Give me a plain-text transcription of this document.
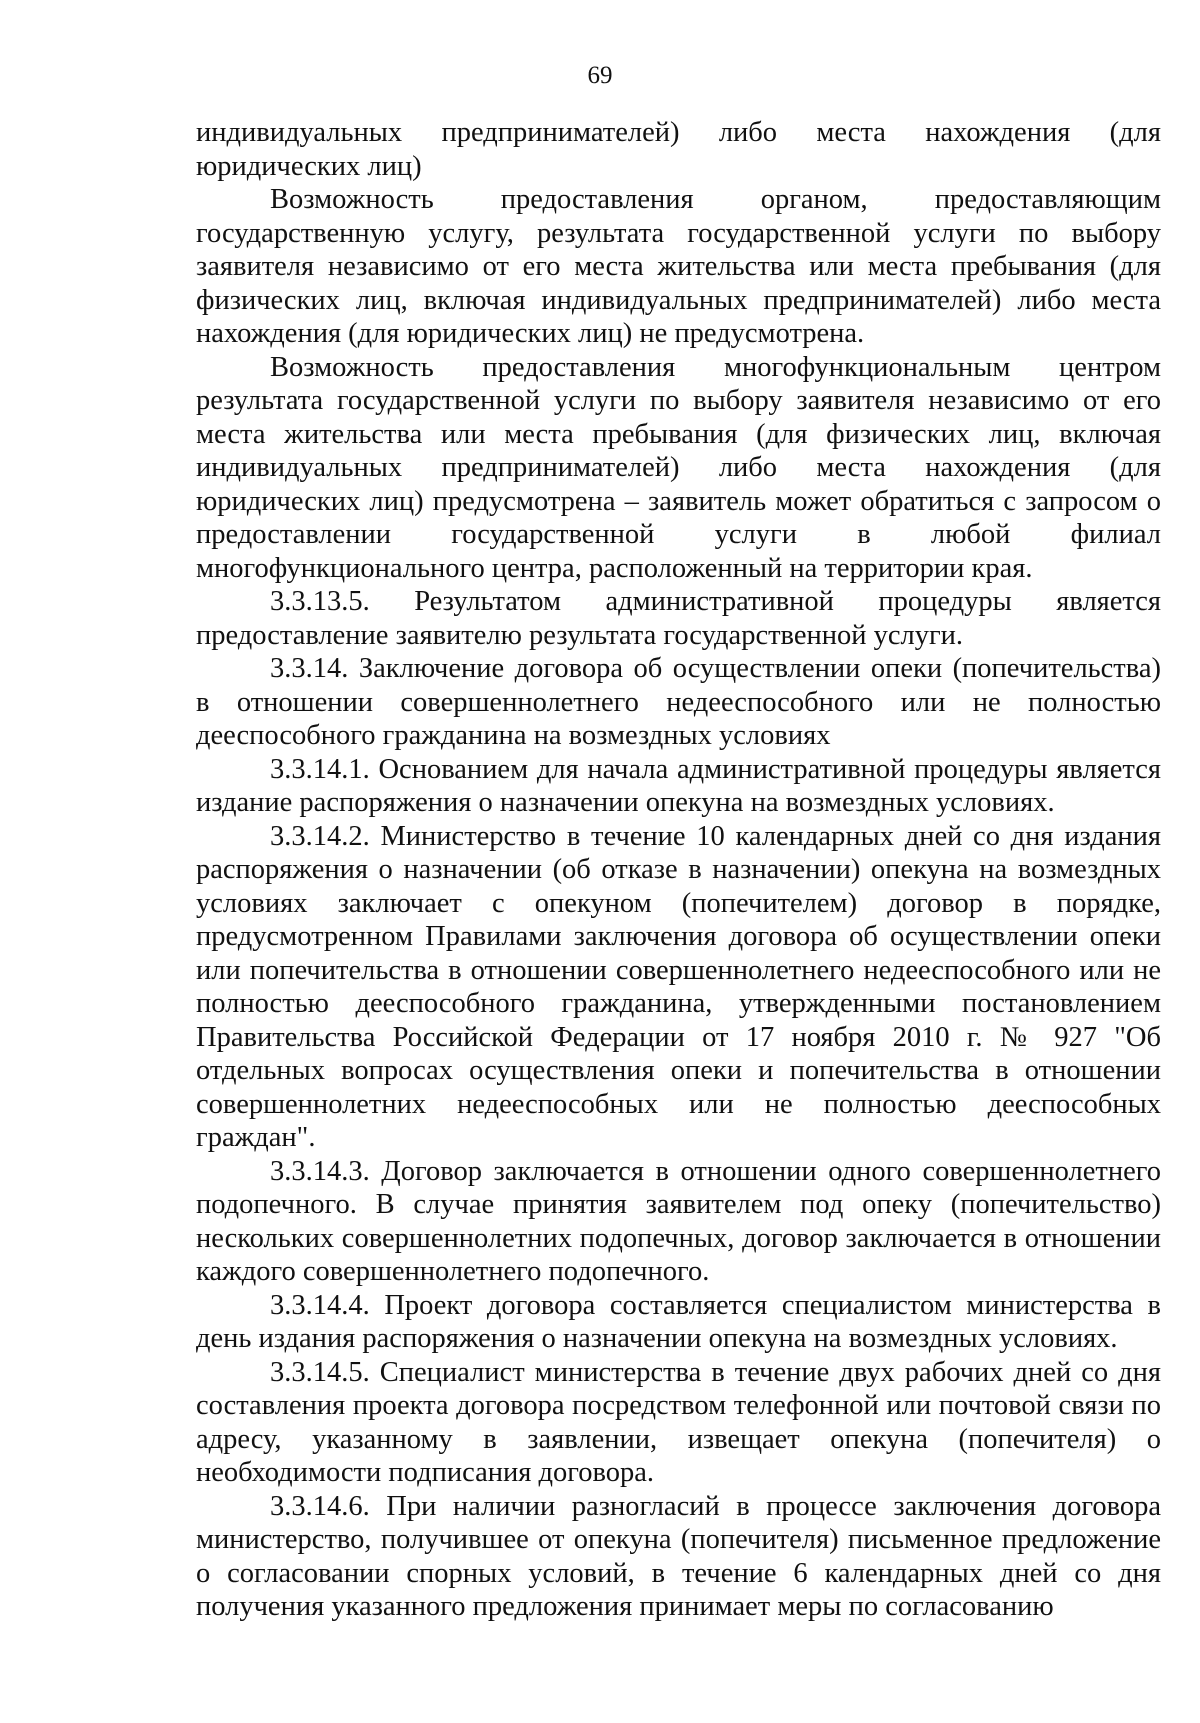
69

индивидуальных предпринимателей) либо места нахождения (для юридических лиц)

Возможность предоставления органом, предоставляющим государственную услугу, результата государственной услуги по выбору заявителя независимо от его места жительства или места пребывания (для физических лиц, включая индивидуальных предпринимателей) либо места нахождения (для юридических лиц) не предусмотрена.

Возможность предоставления многофункциональным центром результата государственной услуги по выбору заявителя независимо от его места жительства или места пребывания (для физических лиц, включая индивидуальных предпринимателей) либо места нахождения (для юридических лиц) предусмотрена – заявитель может обратиться с запросом о предоставлении государственной услуги в любой филиал многофункционального центра, расположенный на территории края.

3.3.13.5. Результатом административной процедуры является предоставление заявителю результата государственной услуги.

3.3.14. Заключение договора об осуществлении опеки (попечительства) в отношении совершеннолетнего недееспособного или не полностью дееспособного гражданина на возмездных условиях

3.3.14.1. Основанием для начала административной процедуры является издание распоряжения о назначении опекуна на возмездных условиях.

3.3.14.2. Министерство в течение 10 календарных дней со дня издания распоряжения о назначении (об отказе в назначении) опекуна на возмездных условиях заключает с опекуном (попечителем) договор в порядке, предусмотренном Правилами заключения договора об осуществлении опеки или попечительства в отношении совершеннолетнего недееспособного или не полностью дееспособного гражданина, утвержденными постановлением Правительства Российской Федерации от 17 ноября 2010 г. № 927 "Об отдельных вопросах осуществления опеки и попечительства в отношении совершеннолетних недееспособных или не полностью дееспособных граждан".

3.3.14.3. Договор заключается в отношении одного совершеннолетнего подопечного. В случае принятия заявителем под опеку (попечительство) нескольких совершеннолетних подопечных, договор заключается в отношении каждого совершеннолетнего подопечного.

3.3.14.4. Проект договора составляется специалистом министерства в день издания распоряжения о назначении опекуна на возмездных условиях.

3.3.14.5. Специалист министерства в течение двух рабочих дней со дня составления проекта договора посредством телефонной или почтовой связи по адресу, указанному в заявлении, извещает опекуна (попечителя) о необходимости подписания договора.

3.3.14.6. При наличии разногласий в процессе заключения договора министерство, получившее от опекуна (попечителя) письменное предложение о согласовании спорных условий, в течение 6 календарных дней со дня получения указанного предложения принимает меры по согласованию
